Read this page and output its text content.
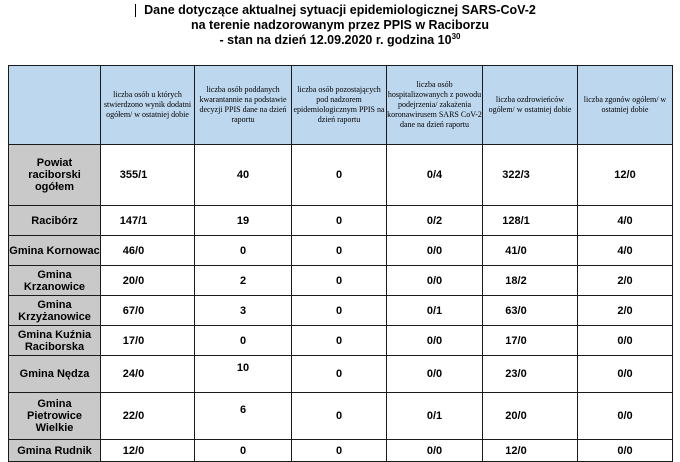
Dane dotyczące aktualnej sytuacji epidemiologicznej SARS-CoV-2
na terenie nadzorowanym przez PPIS w Raciborzu
- stan na dzień 12.09.2020 r. godzina $10^{30}$
	liczba osób u których stwierdzono wynik dodatni ogółem/ w ostatniej dobie	liczba osób poddanych kwarantannie na podstawie decyzji PPIS dane na dzień raportu	liczba osób pozostających pod nadzorem epidemiologicznym PPIS na dzień raportu	liczba osób hospitalizowanych z powodu podejrzenia/ zakażenia koronawirusem SARS CoV-2 dane na dzień raportu	liczba ozdrowieńców ogółem/ w ostatniej dobie	liczba zgonów ogółem/ w ostatniej dobie
Powiat raciborski ogółem	355/1	40	0	0/4	322/3	12/0
Racibórz	147/1	19	0	0/2	128/1	4/0
Gmina Kornowac	46/0	0	0	0/0	41/0	4/0
Gmina Krzanowice	20/0	2	0	0/0	18/2	2/0
Gmina Krzyżanowice	67/0	3	0	0/1	63/0	2/0
Gmina Kuźnia Raciborska	17/0	0	0	0/0	17/0	0/0
Gmina Nędza	24/0	10	0	0/0	23/0	0/0
Gmina Pietrowice Wielkie	22/0	6	0	0/1	20/0	0/0
Gmina Rudnik	12/0	0	0	0/0	12/0	0/0
